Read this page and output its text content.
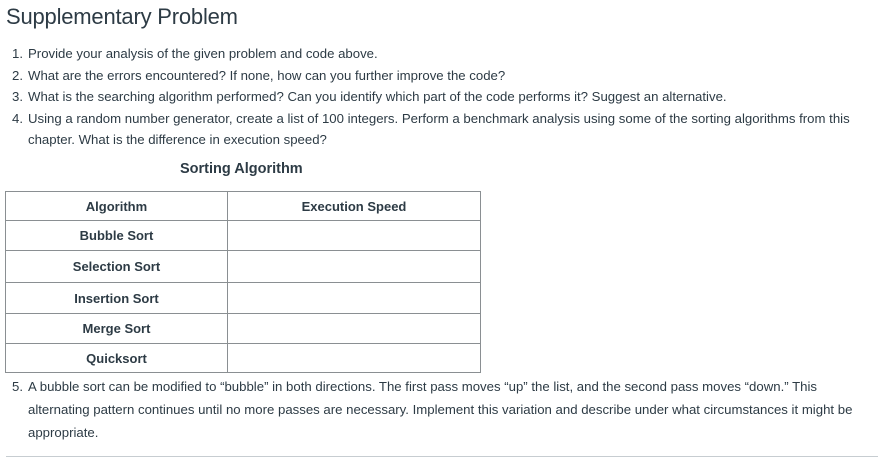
Supplementary Problem
1. Provide your analysis of the given problem and code above.
2. What are the errors encountered? If none, how can you further improve the code?
3. What is the searching algorithm performed? Can you identify which part of the code performs it? Suggest an alternative.
4. Using a random number generator, create a list of 100 integers. Perform a benchmark analysis using some of the sorting algorithms from this chapter. What is the difference in execution speed?
Sorting Algorithm
Algorithm	Execution Speed
Bubble Sort	
Selection Sort	
Insertion Sort	
Merge Sort	
Quicksort	
5. A bubble sort can be modified to “bubble” in both directions. The first pass moves “up” the list, and the second pass moves “down.” This alternating pattern continues until no more passes are necessary. Implement this variation and describe under what circumstances it might be appropriate.
